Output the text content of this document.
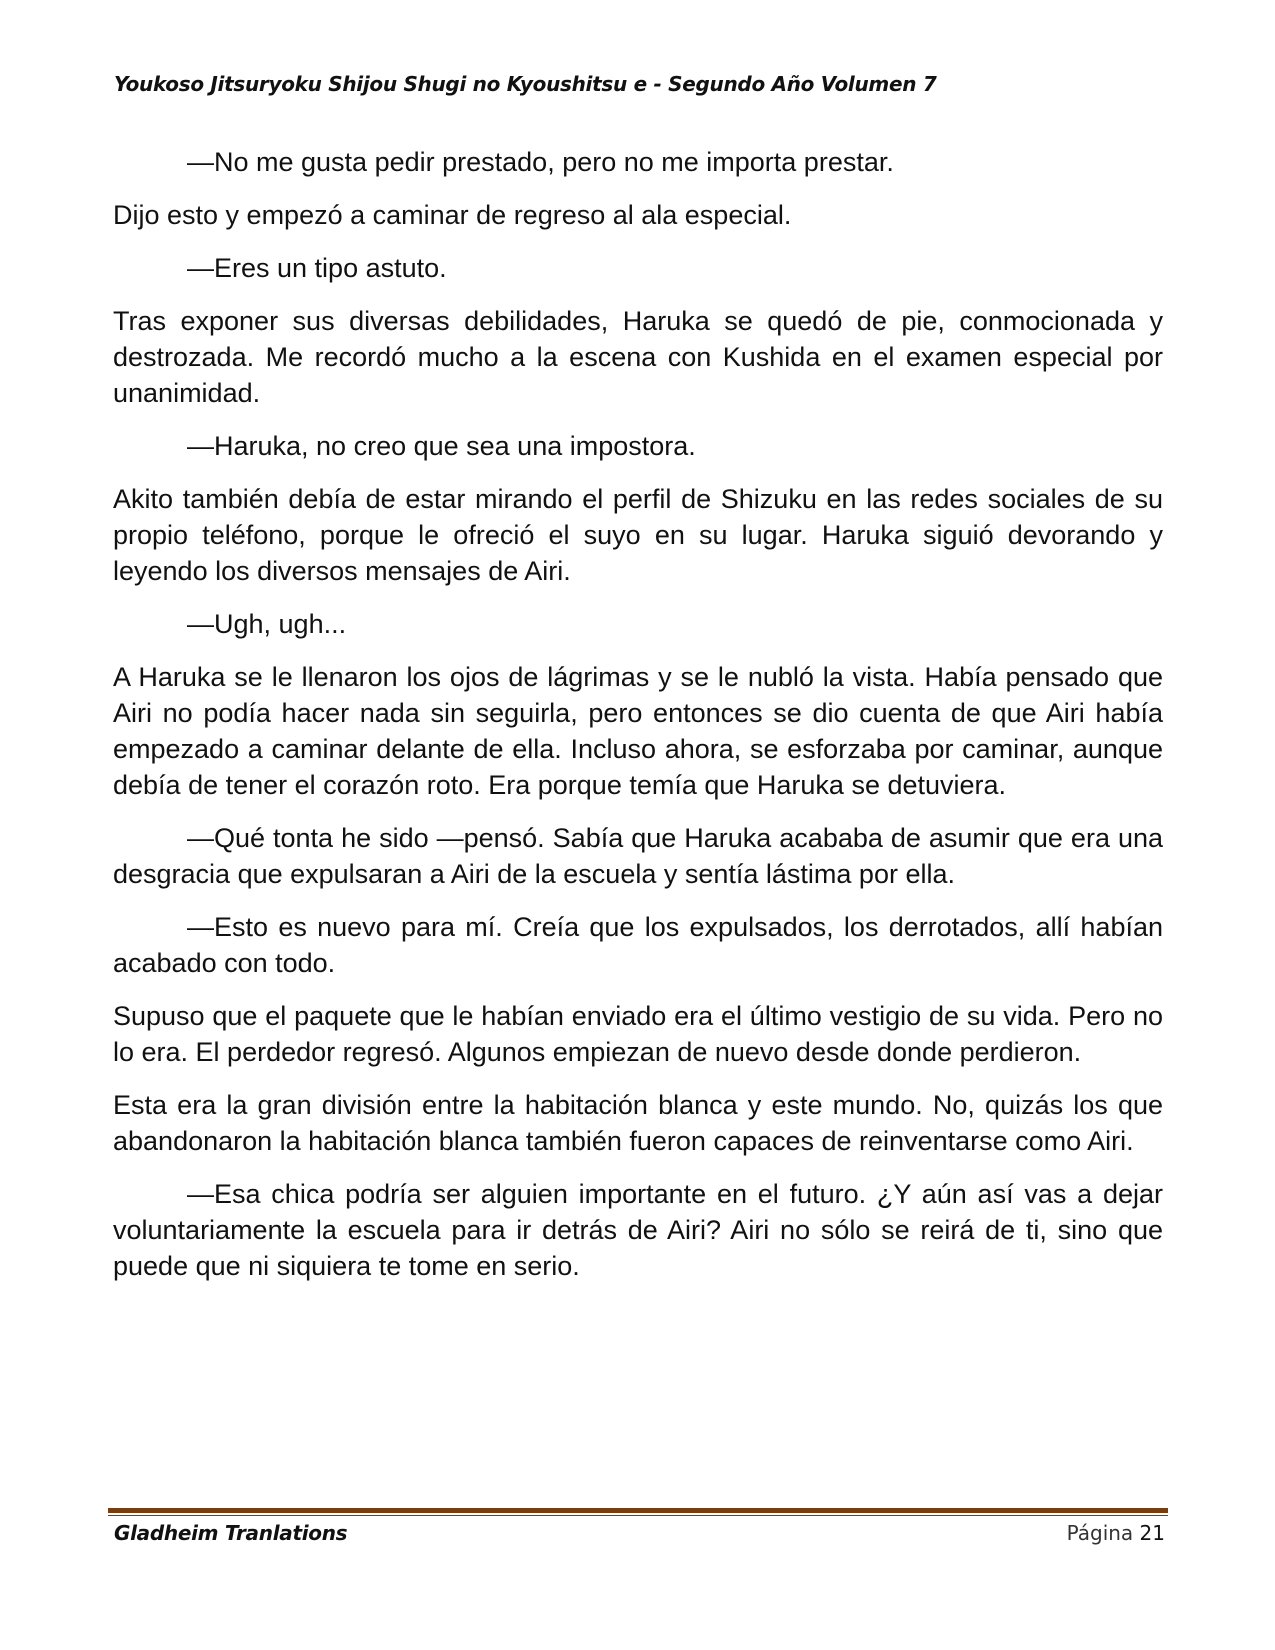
Youkoso Jitsuryoku Shijou Shugi no Kyoushitsu e - Segundo Año Volumen 7

—No me gusta pedir prestado, pero no me importa prestar.

Dijo esto y empezó a caminar de regreso al ala especial.

—Eres un tipo astuto.

Tras exponer sus diversas debilidades, Haruka se quedó de pie, conmocionada y destrozada. Me recordó mucho a la escena con Kushida en el examen especial por unanimidad.

—Haruka, no creo que sea una impostora.

Akito también debía de estar mirando el perfil de Shizuku en las redes sociales de su propio teléfono, porque le ofreció el suyo en su lugar. Haruka siguió devorando y leyendo los diversos mensajes de Airi.

—Ugh, ugh...

A Haruka se le llenaron los ojos de lágrimas y se le nubló la vista. Había pensado que Airi no podía hacer nada sin seguirla, pero entonces se dio cuenta de que Airi había empezado a caminar delante de ella. Incluso ahora, se esforzaba por caminar, aunque debía de tener el corazón roto. Era porque temía que Haruka se detuviera.

—Qué tonta he sido —pensó. Sabía que Haruka acababa de asumir que era una desgracia que expulsaran a Airi de la escuela y sentía lástima por ella.

—Esto es nuevo para mí. Creía que los expulsados, los derrotados, allí habían acabado con todo.

Supuso que el paquete que le habían enviado era el último vestigio de su vida. Pero no lo era. El perdedor regresó. Algunos empiezan de nuevo desde donde perdieron.

Esta era la gran división entre la habitación blanca y este mundo. No, quizás los que abandonaron la habitación blanca también fueron capaces de reinventarse como Airi.

—Esa chica podría ser alguien importante en el futuro. ¿Y aún así vas a dejar voluntariamente la escuela para ir detrás de Airi? Airi no sólo se reirá de ti, sino que puede que ni siquiera te tome en serio.

Gladheim Tranlations	Página 21
